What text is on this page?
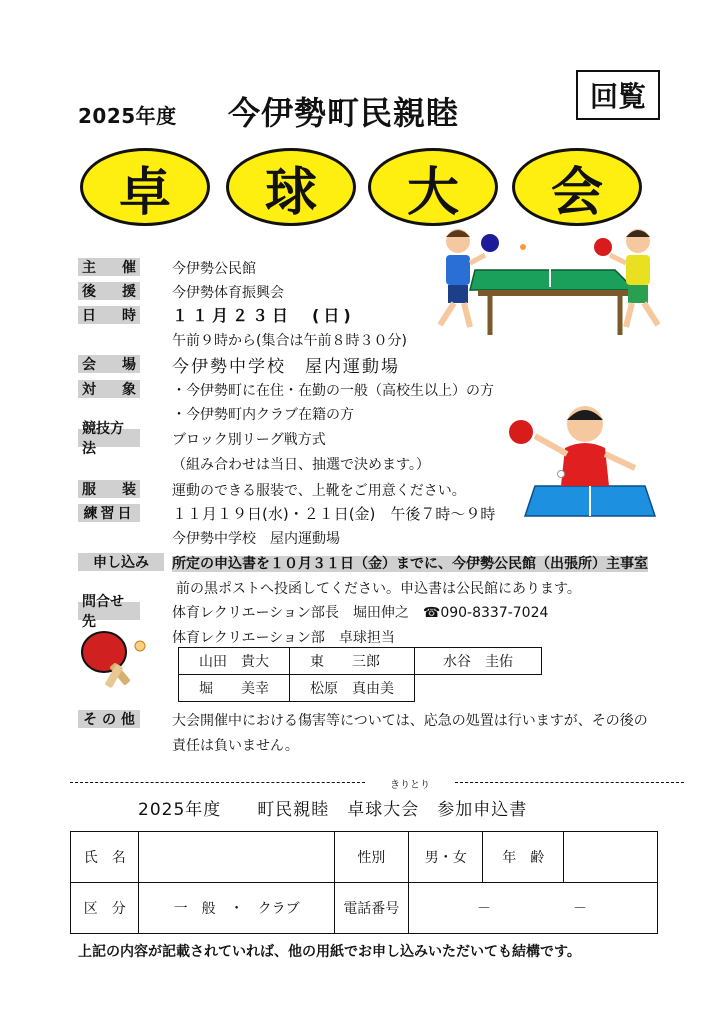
2025年度 今伊勢町民親睦	回覧
卓	球	大	会
主 催	今伊勢公民館
後 援	今伊勢体育振興会
日 時 １１月２３日　(日)
午前９時から(集合は午前８時３０分)
会 場 今伊勢中学校　屋内運動場
対 象	・今伊勢町に在住・在勤の一般（高校生以上）の方
・今伊勢町内クラブ在籍の方
競技方法
ブロック別リーグ戦方式
（組み合わせは当日、抽選で決めます。）
服 装	運動のできる服装で、上靴をご用意ください。
練習日	１１月１９日(水)・２１日(金)　午後７時～９時
今伊勢中学校　屋内運動場
申し込み	所定の申込書を１０月３１日（金）までに、今伊勢公民館（出張所）主事室
前の黒ポストへ投函してください。申込書は公民館にあります。
問合せ先
体育レクリエーション部長　堀田伸之　☎090-8337-7024
体育レクリエーション部　卓球担当
山田　貴大	東　　三郎	水谷　圭佑
堀　　美幸	松原　真由美	
そ の 他	大会開催中における傷害等については、応急の処置は行いますが、その後の
責任は負いません。
きりとり
2025年度 町民親睦　卓球大会　参加申込書
氏　名		性別	男・女	年　齢	
区　分	一　般　・　クラブ	電話番号	－　　　　　－		
上記の内容が記載されていれば、他の用紙でお申し込みいただいても結構です。
